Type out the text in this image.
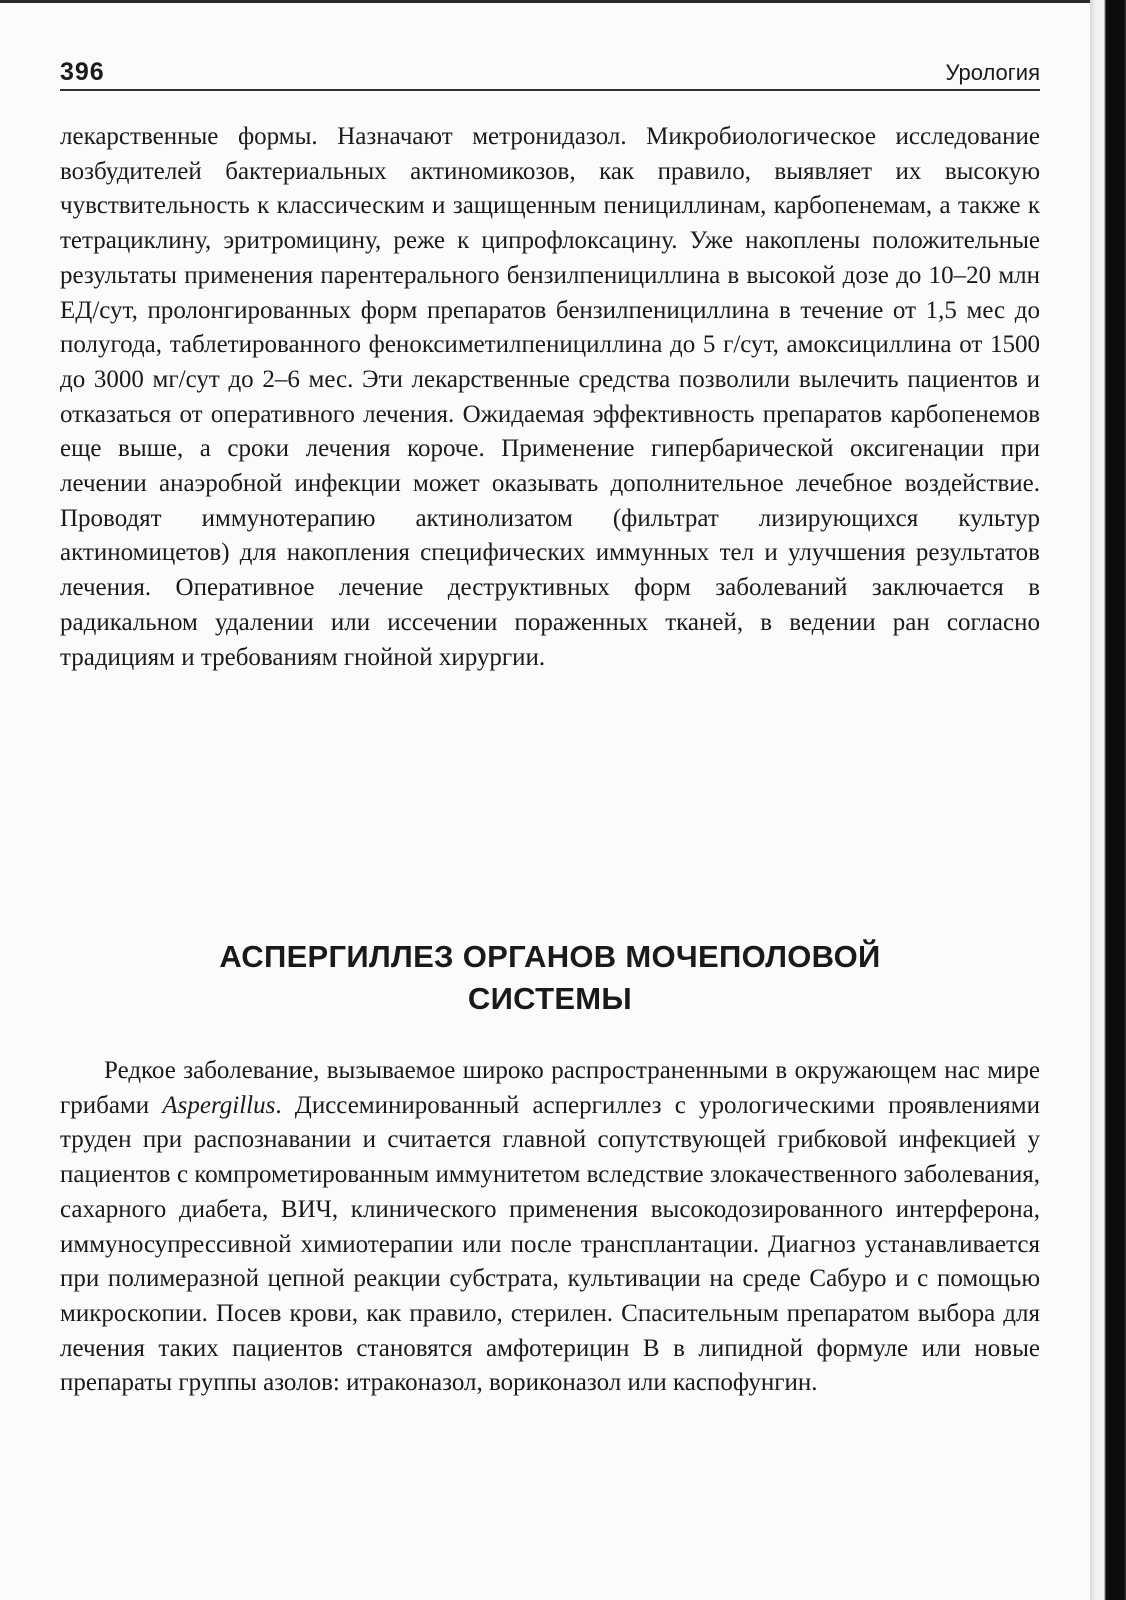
396	Урология

лекарственные формы. Назначают метронидазол. Микробиологическое исследование возбудителей бактериальных актиномикозов, как правило, выявляет их высокую чувствительность к классическим и защищенным пенициллинам, карбопенемам, а также к тетрациклину, эритромицину, реже к ципрофлоксацину. Уже накоплены положительные результаты применения парентерального бензилпенициллина в высокой дозе до 10–20 млн ЕД/сут, пролонгированных форм препаратов бензилпенициллина в течение от 1,5 мес до полугода, таблетированного феноксиметилпенициллина до 5 г/сут, амоксициллина от 1500 до 3000 мг/сут до 2–6 мес. Эти лекарственные средства позволили вылечить пациентов и отказаться от оперативного лечения. Ожидаемая эффективность препаратов карбопенемов еще выше, а сроки лечения короче. Применение гипербарической оксигенации при лечении анаэробной инфекции может оказывать дополнительное лечебное воздействие. Проводят иммунотерапию актинолизатом (фильтрат лизирующихся культур актиномицетов) для накопления специфических иммунных тел и улучшения результатов лечения. Оперативное лечение деструктивных форм заболеваний заключается в радикальном удалении или иссечении пораженных тканей, в ведении ран согласно традициям и требованиям гнойной хирургии.

АСПЕРГИЛЛЕЗ ОРГАНОВ МОЧЕПОЛОВОЙ
СИСТЕМЫ

Редкое заболевание, вызываемое широко распространенными в окружающем нас мире грибами Aspergillus. Диссеминированный аспергиллез с урологическими проявлениями труден при распознавании и считается главной сопутствующей грибковой инфекцией у пациентов с компрометированным иммунитетом вследствие злокачественного заболевания, сахарного диабета, ВИЧ, клинического применения высокодозированного интерферона, иммуносупрессивной химиотерапии или после трансплантации. Диагноз устанавливается при полимеразной цепной реакции субстрата, культивации на среде Сабуро и с помощью микроскопии. Посев крови, как правило, стерилен. Спасительным препаратом выбора для лечения таких пациентов становятся амфотерицин В в липидной формуле или новые препараты группы азолов: итраконазол, вориконазол или каспофунгин.
